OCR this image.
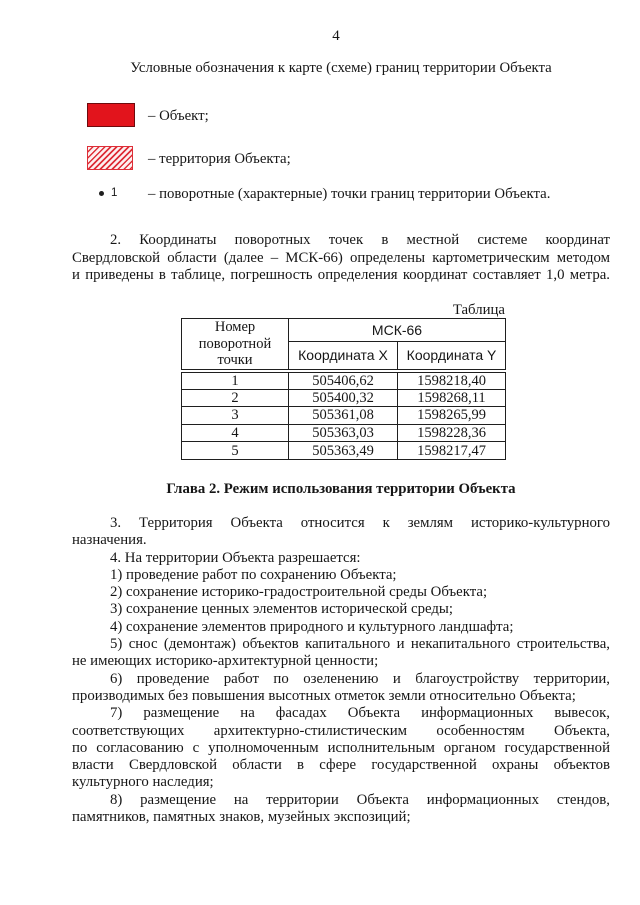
4
Условные обозначения к карте (схеме) границ территории Объекта
– Объект;
– территория Объекта;
1 – поворотные (характерные) точки границ территории Объекта.
2. Координаты поворотных точек в местной системе координат
Свердловской области (далее – МСК-66) определены картометрическим методом
и приведены в таблице, погрешность определения координат составляет 1,0 метра.
Таблица
Номер поворотной точки	МСК-66	
	Координата X	Координата Y
1	505406,62	1598218,40
2	505400,32	1598268,11
3	505361,08	1598265,99
4	505363,03	1598228,36
5	505363,49	1598217,47
Глава 2. Режим использования территории Объекта
3. Территория Объекта относится к землям историко-культурного
назначения.
4. На территории Объекта разрешается:
1) проведение работ по сохранению Объекта;
2) сохранение историко-градостроительной среды Объекта;
3) сохранение ценных элементов исторической среды;
4) сохранение элементов природного и культурного ландшафта;
5) снос (демонтаж) объектов капитального и некапитального строительства,
не имеющих историко-архитектурной ценности;
6) проведение работ по озеленению и благоустройству территории,
производимых без повышения высотных отметок земли относительно Объекта;
7) размещение на фасадах Объекта информационных вывесок,
соответствующих архитектурно-стилистическим особенностям Объекта,
по согласованию с уполномоченным исполнительным органом государственной
власти Свердловской области в сфере государственной охраны объектов
культурного наследия;
8) размещение на территории Объекта информационных стендов,
памятников, памятных знаков, музейных экспозиций;
